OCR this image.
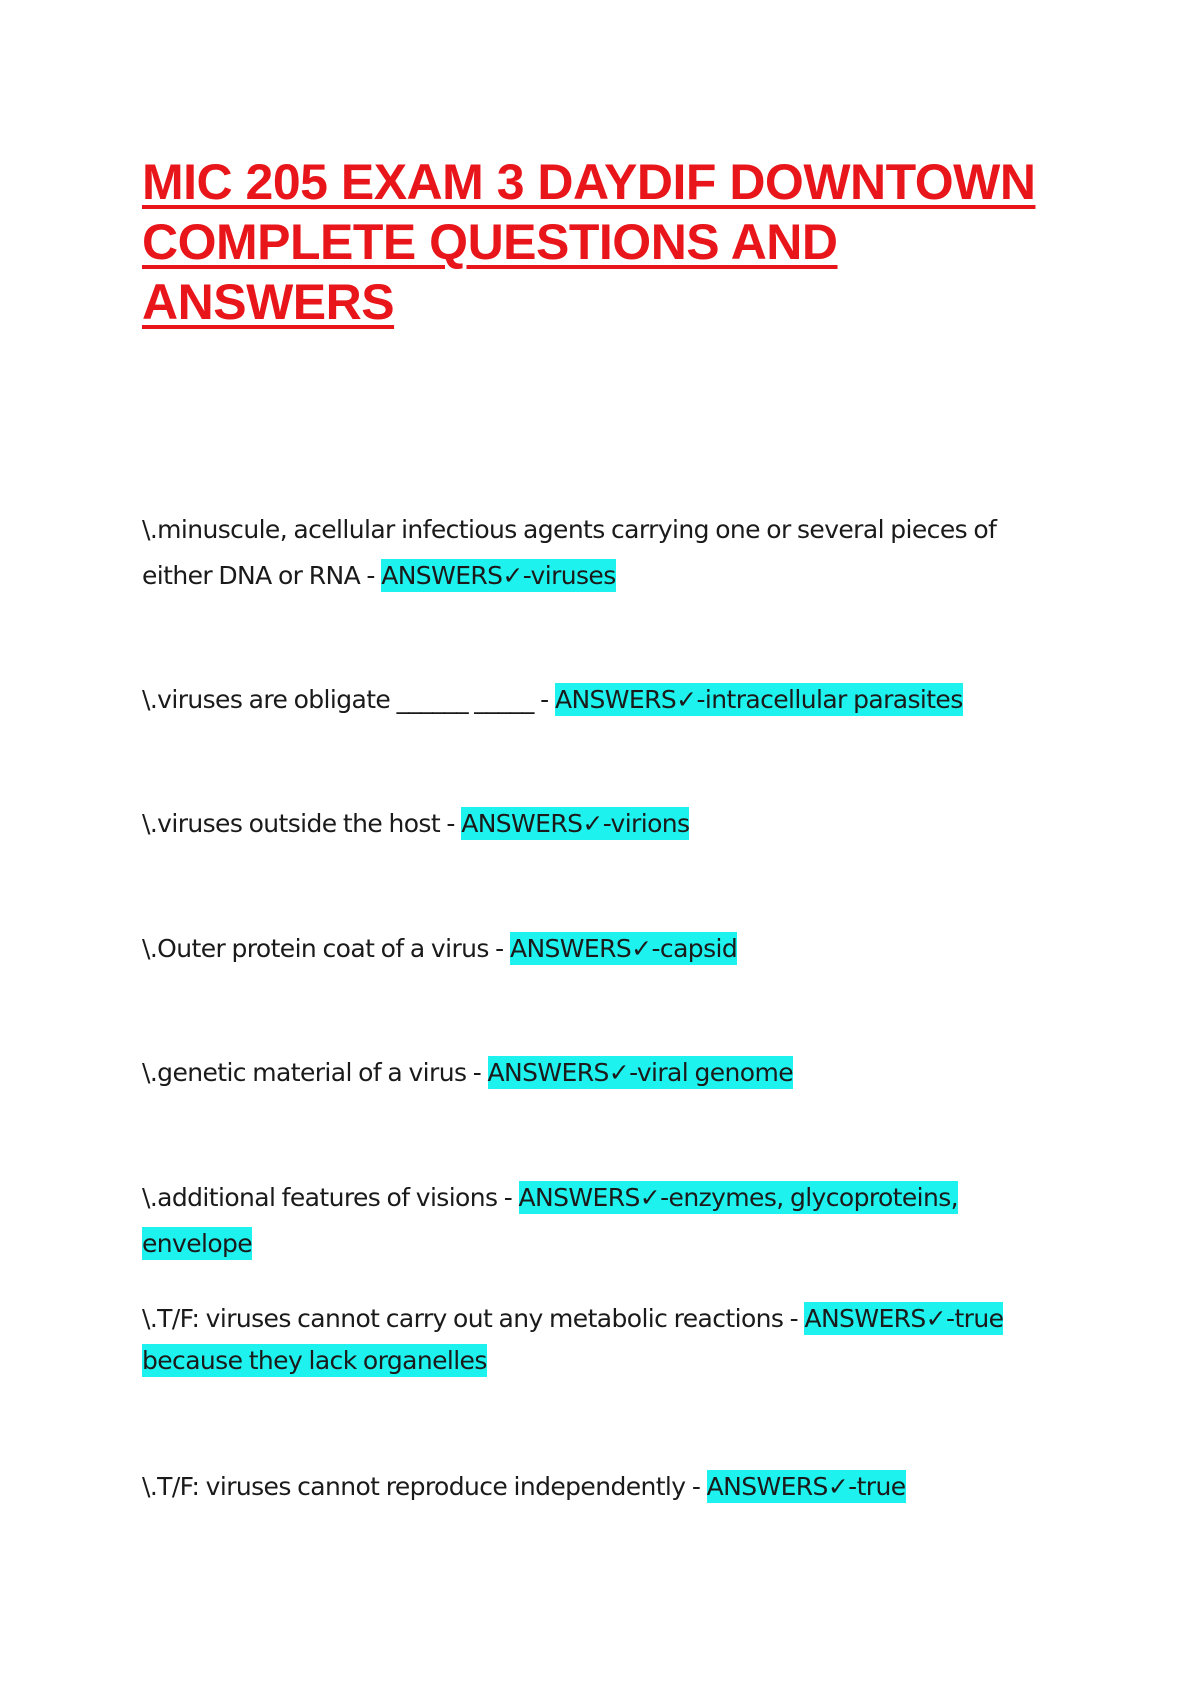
MIC 205 EXAM 3 DAYDIF DOWNTOWN COMPLETE QUESTIONS AND ANSWERS

\.minuscule, acellular infectious agents carrying one or several pieces of either DNA or RNA - ANSWERS✓-viruses

\.viruses are obligate ______ _____ - ANSWERS✓-intracellular parasites

\.viruses outside the host - ANSWERS✓-virions

\.Outer protein coat of a virus - ANSWERS✓-capsid

\.genetic material of a virus - ANSWERS✓-viral genome

\.additional features of visions - ANSWERS✓-enzymes, glycoproteins, envelope

\.T/F: viruses cannot carry out any metabolic reactions - ANSWERS✓-true because they lack organelles

\.T/F: viruses cannot reproduce independently - ANSWERS✓-true
